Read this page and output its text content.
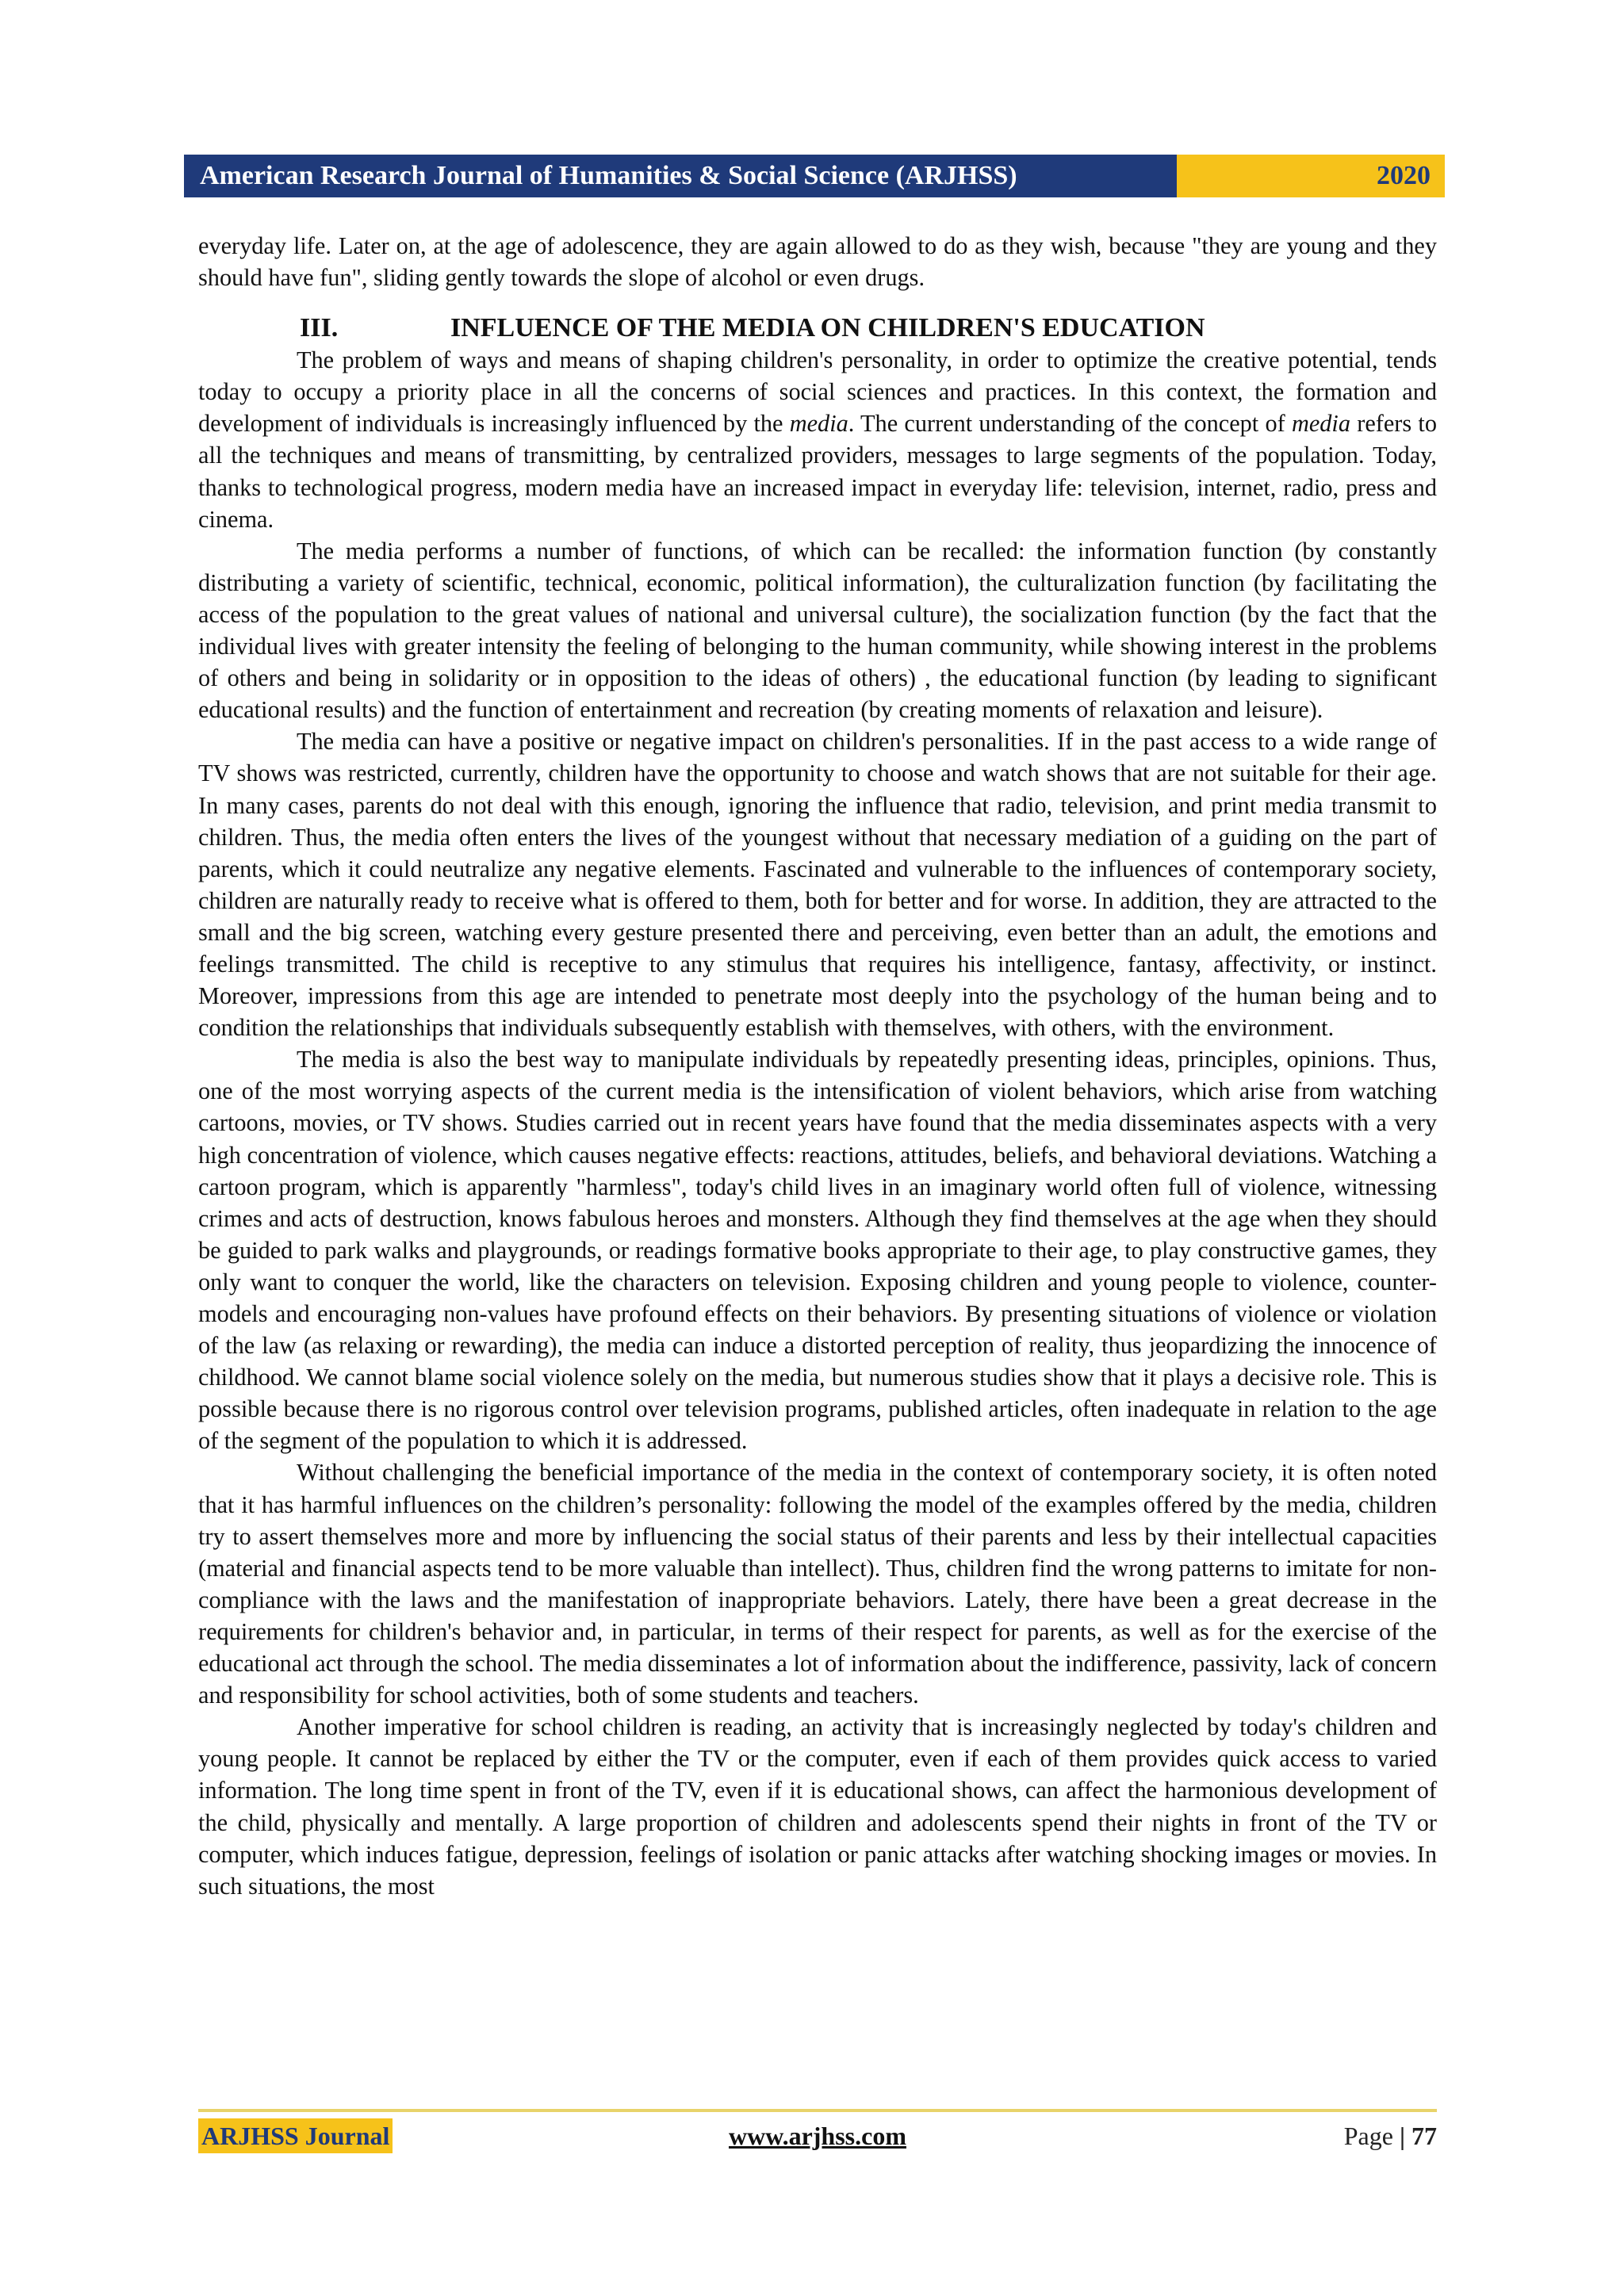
American Research Journal of Humanities & Social Science (ARJHSS)	2020

everyday life. Later on, at the age of adolescence, they are again allowed to do as they wish, because "they are young and they should have fun", sliding gently towards the slope of alcohol or even drugs.

III.	INFLUENCE OF THE MEDIA ON CHILDREN'S EDUCATION

The problem of ways and means of shaping children's personality, in order to optimize the creative potential, tends today to occupy a priority place in all the concerns of social sciences and practices. In this context, the formation and development of individuals is increasingly influenced by the media. The current understanding of the concept of media refers to all the techniques and means of transmitting, by centralized providers, messages to large segments of the population. Today, thanks to technological progress, modern media have an increased impact in everyday life: television, internet, radio, press and cinema.

The media performs a number of functions, of which can be recalled: the information function (by constantly distributing a variety of scientific, technical, economic, political information), the culturalization function (by facilitating the access of the population to the great values of national and universal culture), the socialization function (by the fact that the individual lives with greater intensity the feeling of belonging to the human community, while showing interest in the problems of others and being in solidarity or in opposition to the ideas of others) , the educational function (by leading to significant educational results) and the function of entertainment and recreation (by creating moments of relaxation and leisure).

The media can have a positive or negative impact on children's personalities. If in the past access to a wide range of TV shows was restricted, currently, children have the opportunity to choose and watch shows that are not suitable for their age. In many cases, parents do not deal with this enough, ignoring the influence that radio, television, and print media transmit to children. Thus, the media often enters the lives of the youngest without that necessary mediation of a guiding on the part of parents, which it could neutralize any negative elements. Fascinated and vulnerable to the influences of contemporary society, children are naturally ready to receive what is offered to them, both for better and for worse. In addition, they are attracted to the small and the big screen, watching every gesture presented there and perceiving, even better than an adult, the emotions and feelings transmitted. The child is receptive to any stimulus that requires his intelligence, fantasy, affectivity, or instinct. Moreover, impressions from this age are intended to penetrate most deeply into the psychology of the human being and to condition the relationships that individuals subsequently establish with themselves, with others, with the environment.

The media is also the best way to manipulate individuals by repeatedly presenting ideas, principles, opinions. Thus, one of the most worrying aspects of the current media is the intensification of violent behaviors, which arise from watching cartoons, movies, or TV shows. Studies carried out in recent years have found that the media disseminates aspects with a very high concentration of violence, which causes negative effects: reactions, attitudes, beliefs, and behavioral deviations. Watching a cartoon program, which is apparently "harmless", today's child lives in an imaginary world often full of violence, witnessing crimes and acts of destruction, knows fabulous heroes and monsters. Although they find themselves at the age when they should be guided to park walks and playgrounds, or readings formative books appropriate to their age, to play constructive games, they only want to conquer the world, like the characters on television. Exposing children and young people to violence, counter-models and encouraging non-values have profound effects on their behaviors. By presenting situations of violence or violation of the law (as relaxing or rewarding), the media can induce a distorted perception of reality, thus jeopardizing the innocence of childhood. We cannot blame social violence solely on the media, but numerous studies show that it plays a decisive role. This is possible because there is no rigorous control over television programs, published articles, often inadequate in relation to the age of the segment of the population to which it is addressed.

Without challenging the beneficial importance of the media in the context of contemporary society, it is often noted that it has harmful influences on the children’s personality: following the model of the examples offered by the media, children try to assert themselves more and more by influencing the social status of their parents and less by their intellectual capacities (material and financial aspects tend to be more valuable than intellect). Thus, children find the wrong patterns to imitate for non-compliance with the laws and the manifestation of inappropriate behaviors. Lately, there have been a great decrease in the requirements for children's behavior and, in particular, in terms of their respect for parents, as well as for the exercise of the educational act through the school. The media disseminates a lot of information about the indifference, passivity, lack of concern and responsibility for school activities, both of some students and teachers.

Another imperative for school children is reading, an activity that is increasingly neglected by today's children and young people. It cannot be replaced by either the TV or the computer, even if each of them provides quick access to varied information. The long time spent in front of the TV, even if it is educational shows, can affect the harmonious development of the child, physically and mentally. A large proportion of children and adolescents spend their nights in front of the TV or computer, which induces fatigue, depression, feelings of isolation or panic attacks after watching shocking images or movies. In such situations, the most

ARJHSS Journal	www.arjhss.com	Page | 77
